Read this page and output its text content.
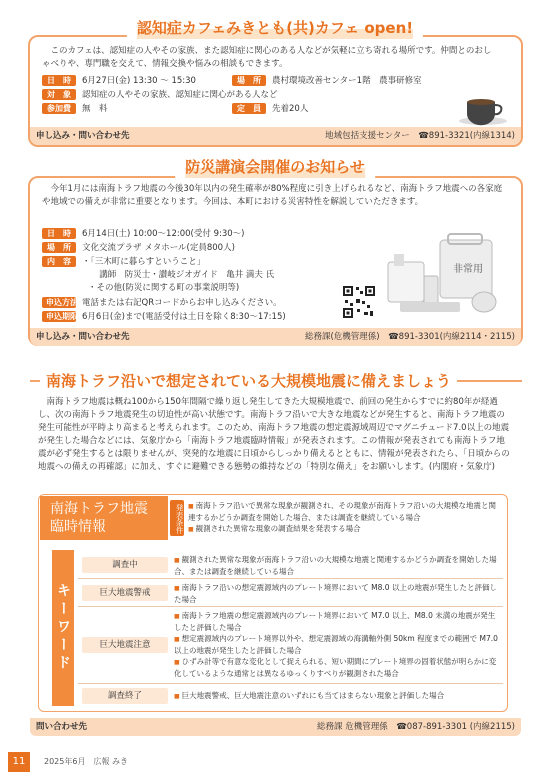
認知症カフェみきとも(共)カフェ open!
　このカフェは、認知症の人やその家族、また認知症に関心のある人などが気軽に立ち寄れる場所です。仲間とのおしゃべりや、専門職を交えて、情報交換や悩みの相談もできます。
日　時 6月27日(金) 13:30 ～ 15:30	場　所 農村環境改善センター1階　農事研修室
対　象 認知症の人やその家族、認知症に関心がある人など
参加費 無　料	定　員 先着20人
申し込み・問い合わせ先	地域包括支援センター　☎891-3321(内線1314)
防災講演会開催のお知らせ
　今年1月には南海トラフ地震の今後30年以内の発生確率が80%程度に引き上げられるなど、南海トラフ地震への各家庭や地域での備えが非常に重要となります。今回は、本町における災害特性を解説していただきます。
日　時 6月14日(土) 10:00～12:00(受付 9:30～)
場　所 文化交流プラザ メタホール(定員800人)
内　容 ・「三木町に暮らすということ」
　 講師　防災士・讃岐ジオガイド　亀井 満夫 氏
・その他(防災に関する町の事業説明等)
申込方法 電話または右記QRコードからお申し込みください。
申込期限 6月6日(金)まで(電話受付は土日を除く8:30～17:15)
非常用
申し込み・問い合わせ先	総務課(危機管理係)　☎891-3301(内線2114・2115)
南海トラフ沿いで想定されている大規模地震に備えましょう
　南海トラフ地震は概ね100から150年間隔で繰り返し発生してきた大規模地震で、前回の発生からすでに約80年が経過し、次の南海トラフ地震発生の切迫性が高い状態です。南海トラフ沿いで大きな地震などが発生すると、南海トラフ地震の発生可能性が平時より高まると考えられます。このため、南海トラフ地震の想定震源域周辺でマグニチュード7.0以上の地震が発生した場合などには、気象庁から「南海トラフ地震臨時情報」が発表されます。この情報が発表されても南海トラフ地震が必ず発生するとは限りませんが、突発的な地震に日頃からしっかり備えるとともに、情報が発表されたら、「日頃からの地震への備えの再確認」に加え、すぐに避難できる態勢の維持などの「特別な備え」をお願いします。(内閣府・気象庁)
南海トラフ地震臨時情報	発表条件	■ 南海トラフ沿いで異常な現象が観測され、その現象が南海トラフ沿いの大規模な地震と関連するかどうか調査を開始した場合、または調査を継続している場合
■ 観測された異常な現象の調査結果を発表する場合
キーワード
調査中
■ 観測された異常な現象が南海トラフ沿いの大規模な地震と関連するかどうか調査を開始した場合、または調査を継続している場合
巨大地震警戒
■ 南海トラフ沿いの想定震源域内のプレート境界において M8.0 以上の地震が発生したと評価した場合
巨大地震注意
■ 南海トラフ地震の想定震源域内のプレート境界において M7.0 以上、M8.0 未満の地震が発生したと評価した場合
■ 想定震源域内のプレート境界以外や、想定震源域の海溝軸外側 50km 程度までの範囲で M7.0 以上の地震が発生したと評価した場合
■ ひずみ計等で有意な変化として捉えられる、短い期間にプレート境界の固着状態が明らかに変化しているような通常とは異なるゆっくりすべりが観測された場合
調査終了	■ 巨大地震警戒、巨大地震注意のいずれにも当てはまらない現象と評価した場合
問い合わせ先	総務課 危機管理係　☎087-891-3301 (内線2115)
11	2025年6月　広報 みき
